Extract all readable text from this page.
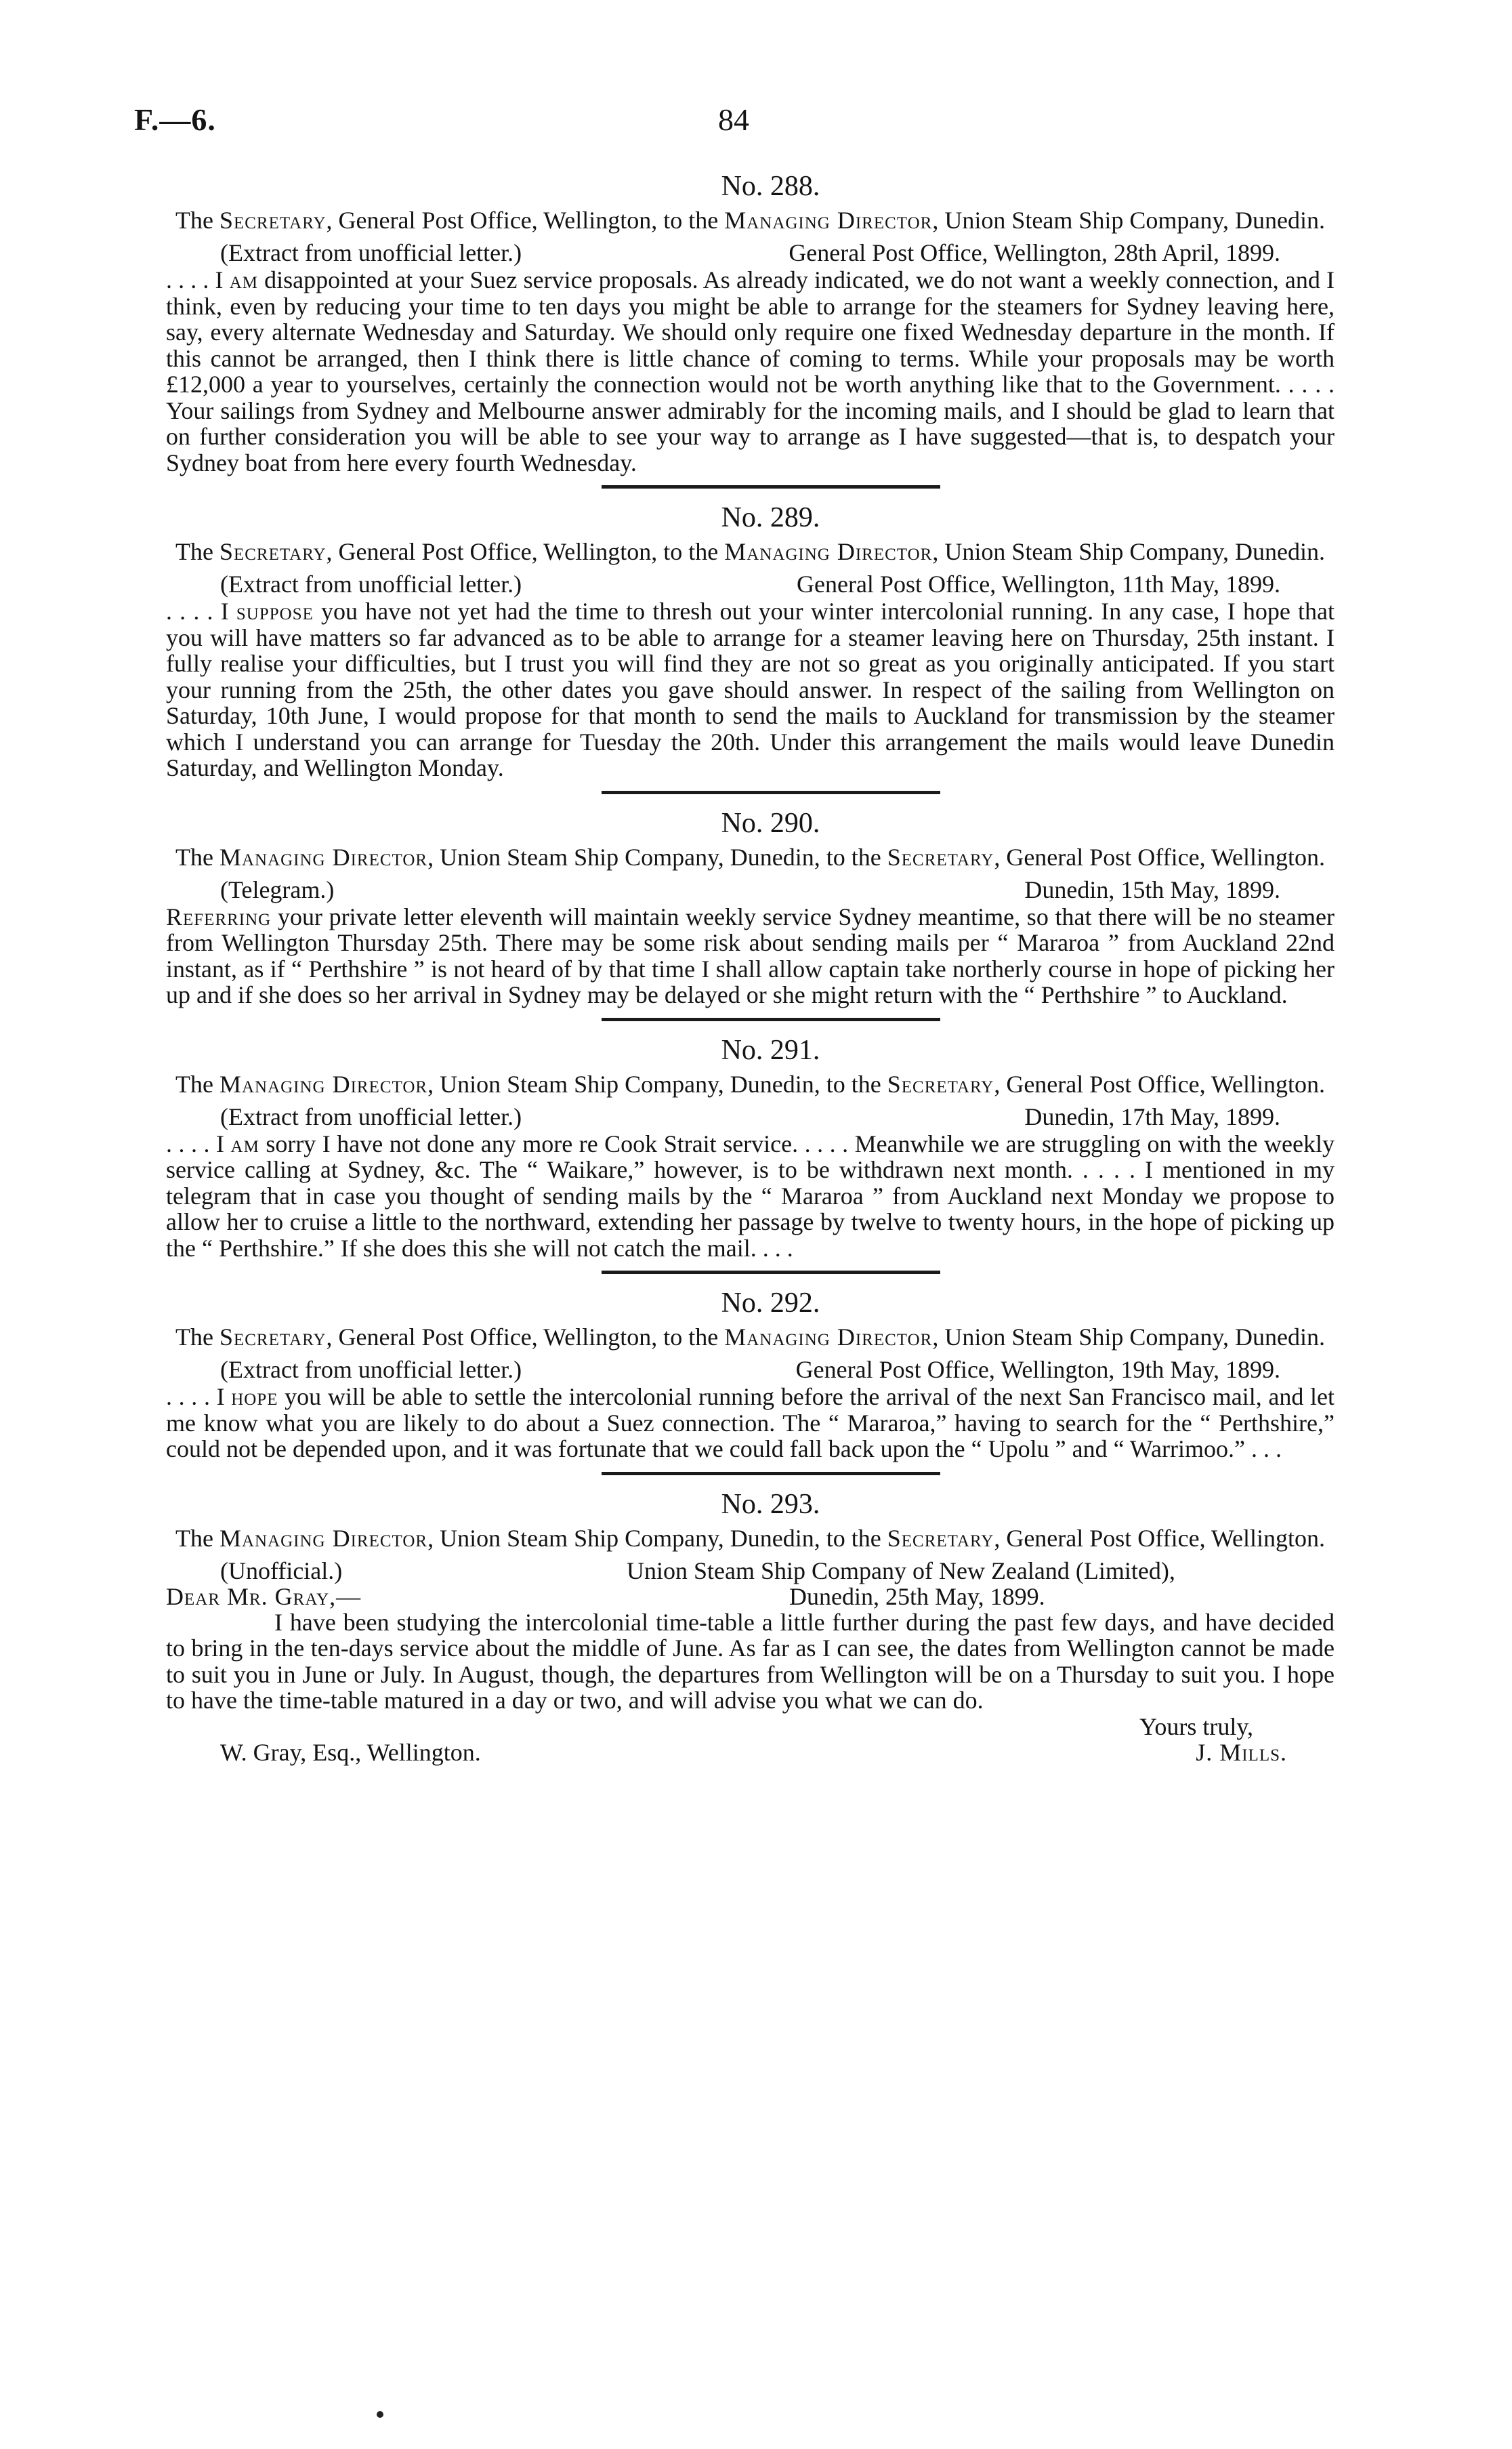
F.—6.	84
No. 288.
The Secretary, General Post Office, Wellington, to the Managing Director, Union Steam Ship Company, Dunedin.
(Extract from unofficial letter.)	General Post Office, Wellington, 28th April, 1899.

. . . . I am disappointed at your Suez service proposals. As already indicated, we do not want a weekly connection, and I think, even by reducing your time to ten days you might be able to arrange for the steamers for Sydney leaving here, say, every alternate Wednesday and Saturday. We should only require one fixed Wednesday departure in the month. If this cannot be arranged, then I think there is little chance of coming to terms. While your proposals may be worth £12,000 a year to yourselves, certainly the connection would not be worth anything like that to the Government. . . . . Your sailings from Sydney and Melbourne answer admirably for the incoming mails, and I should be glad to learn that on further consideration you will be able to see your way to arrange as I have suggested—that is, to despatch your Sydney boat from here every fourth Wednesday.

No. 289.
The Secretary, General Post Office, Wellington, to the Managing Director, Union Steam Ship Company, Dunedin.
(Extract from unofficial letter.)	General Post Office, Wellington, 11th May, 1899.

. . . . I suppose you have not yet had the time to thresh out your winter intercolonial running. In any case, I hope that you will have matters so far advanced as to be able to arrange for a steamer leaving here on Thursday, 25th instant. I fully realise your difficulties, but I trust you will find they are not so great as you originally anticipated. If you start your running from the 25th, the other dates you gave should answer. In respect of the sailing from Wellington on Saturday, 10th June, I would propose for that month to send the mails to Auckland for transmission by the steamer which I understand you can arrange for Tuesday the 20th. Under this arrangement the mails would leave Dunedin Saturday, and Wellington Monday.

No. 290.
The Managing Director, Union Steam Ship Company, Dunedin, to the Secretary, General Post Office, Wellington.
(Telegram.)	Dunedin, 15th May, 1899.

Referring your private letter eleventh will maintain weekly service Sydney meantime, so that there will be no steamer from Wellington Thursday 25th. There may be some risk about sending mails per “ Mararoa ” from Auckland 22nd instant, as if “ Perthshire ” is not heard of by that time I shall allow captain take northerly course in hope of picking her up and if she does so her arrival in Sydney may be delayed or she might return with the “ Perthshire ” to Auckland.

No. 291.
The Managing Director, Union Steam Ship Company, Dunedin, to the Secretary, General Post Office, Wellington.
(Extract from unofficial letter.)	Dunedin, 17th May, 1899.

. . . . I am sorry I have not done any more re Cook Strait service. . . . . Meanwhile we are struggling on with the weekly service calling at Sydney, &c. The “ Waikare,” however, is to be withdrawn next month. . . . . I mentioned in my telegram that in case you thought of sending mails by the “ Mararoa ” from Auckland next Monday we propose to allow her to cruise a little to the northward, extending her passage by twelve to twenty hours, in the hope of picking up the “ Perthshire.” If she does this she will not catch the mail. . . .

No. 292.
The Secretary, General Post Office, Wellington, to the Managing Director, Union Steam Ship Company, Dunedin.
(Extract from unofficial letter.)	General Post Office, Wellington, 19th May, 1899.

. . . . I hope you will be able to settle the intercolonial running before the arrival of the next San Francisco mail, and let me know what you are likely to do about a Suez connection. The “ Mararoa,” having to search for the “ Perthshire,” could not be depended upon, and it was fortunate that we could fall back upon the “ Upolu ” and “ Warrimoo.” . . .

No. 293.
The Managing Director, Union Steam Ship Company, Dunedin, to the Secretary, General Post Office, Wellington.
(Unofficial.)	Union Steam Ship Company of New Zealand (Limited),
Dear Mr. Gray,—	Dunedin, 25th May, 1899.

I have been studying the intercolonial time-table a little further during the past few days, and have decided to bring in the ten-days service about the middle of June. As far as I can see, the dates from Wellington cannot be made to suit you in June or July. In August, though, the departures from Wellington will be on a Thursday to suit you. I hope to have the time-table matured in a day or two, and will advise you what we can do.

Yours truly,
W. Gray, Esq., Wellington.	J. Mills.
